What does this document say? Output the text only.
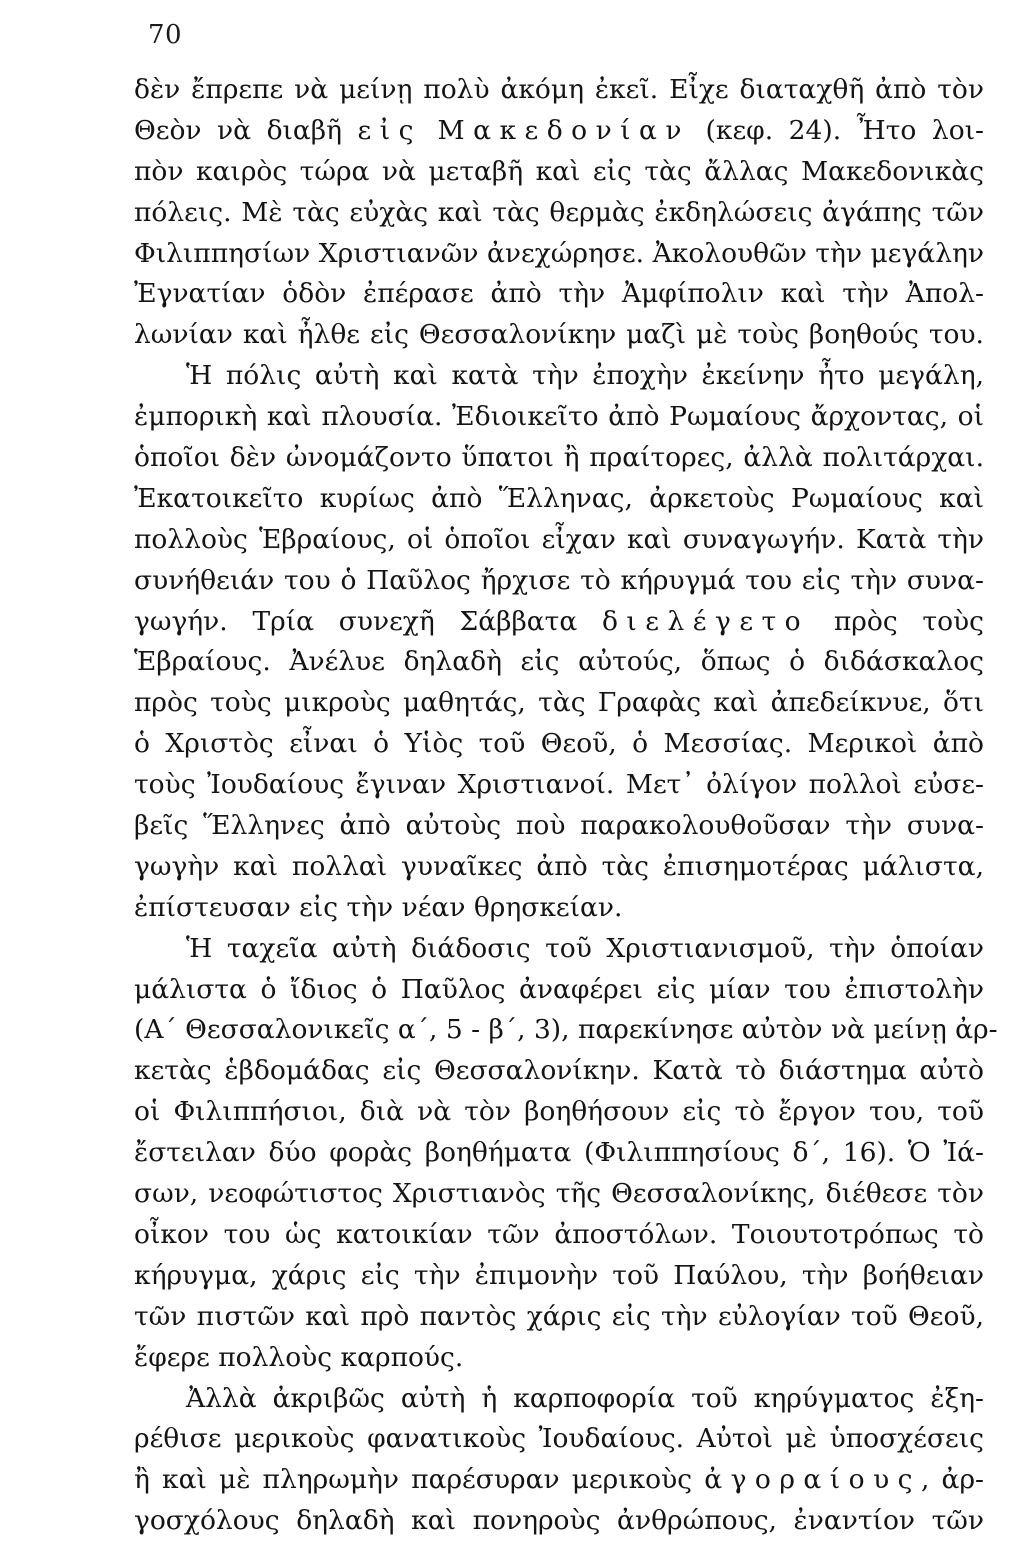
70
δὲν ἔπρεπε νὰ μείνῃ πολὺ ἀκόμη ἐκεῖ. Εἶχε διαταχθῆ ἀπὸ τὸν
Θεὸν νὰ διαβῆ εἰς Μακεδονίαν (κεφ. 24). Ἦτο λοι-
πὸν καιρὸς τώρα νὰ μεταβῆ καὶ εἰς τὰς ἄλλας Μακεδονικὰς
πόλεις. Μὲ τὰς εὐχὰς καὶ τὰς θερμὰς ἐκδηλώσεις ἀγάπης τῶν
Φιλιππησίων Χριστιανῶν ἀνεχώρησε. Ἀκολουθῶν τὴν μεγάλην
Ἐγνατίαν ὁδὸν ἐπέρασε ἀπὸ τὴν Ἀμφίπολιν καὶ τὴν Ἀπολ-
λωνίαν καὶ ἦλθε εἰς Θεσσαλονίκην μαζὶ μὲ τοὺς βοηθούς του.
Ἡ πόλις αὐτὴ καὶ κατὰ τὴν ἐποχὴν ἐκείνην ἦτο μεγάλη,
ἐμπορικὴ καὶ πλουσία. Ἐδιοικεῖτο ἀπὸ Ρωμαίους ἄρχοντας, οἱ
ὁποῖοι δὲν ὠνομάζοντο ὕπατοι ἢ πραίτορες, ἀλλὰ πολιτάρχαι.
Ἐκατοικεῖτο κυρίως ἀπὸ Ἕλληνας, ἀρκετοὺς Ρωμαίους καὶ
πολλοὺς Ἑβραίους, οἱ ὁποῖοι εἶχαν καὶ συναγωγήν. Κατὰ τὴν
συνήθειάν του ὁ Παῦλος ἤρχισε τὸ κήρυγμά του εἰς τὴν συνα-
γωγήν. Τρία συνεχῆ Σάββατα διελέγετο πρὸς τοὺς
Ἑβραίους. Ἀνέλυε δηλαδὴ εἰς αὐτούς, ὅπως ὁ διδάσκαλος
πρὸς τοὺς μικροὺς μαθητάς, τὰς Γραφὰς καὶ ἀπεδείκνυε, ὅτι
ὁ Χριστὸς εἶναι ὁ Υἱὸς τοῦ Θεοῦ, ὁ Μεσσίας. Μερικοὶ ἀπὸ
τοὺς Ἰουδαίους ἔγιναν Χριστιανοί. Μετ᾽ ὀλίγον πολλοὶ εὐσε-
βεῖς Ἕλληνες ἀπὸ αὐτοὺς ποὺ παρακολουθοῦσαν τὴν συνα-
γωγὴν καὶ πολλαὶ γυναῖκες ἀπὸ τὰς ἐπισημοτέρας μάλιστα,
ἐπίστευσαν εἰς τὴν νέαν θρησκείαν.
Ἡ ταχεῖα αὐτὴ διάδοσις τοῦ Χριστιανισμοῦ, τὴν ὁποίαν
μάλιστα ὁ ἴδιος ὁ Παῦλος ἀναφέρει εἰς μίαν του ἐπιστολὴν
(Α΄ Θεσσαλονικεῖς α΄, 5 - β΄, 3), παρεκίνησε αὐτὸν νὰ μείνῃ ἀρ-
κετὰς ἑβδομάδας εἰς Θεσσαλονίκην. Κατὰ τὸ διάστημα αὐτὸ
οἱ Φιλιππήσιοι, διὰ νὰ τὸν βοηθήσουν εἰς τὸ ἔργον του, τοῦ
ἔστειλαν δύο φορὰς βοηθήματα (Φιλιππησίους δ΄, 16). Ὁ Ἰά-
σων, νεοφώτιστος Χριστιανὸς τῆς Θεσσαλονίκης, διέθεσε τὸν
οἶκον του ὡς κατοικίαν τῶν ἀποστόλων. Τοιουτοτρόπως τὸ
κήρυγμα, χάρις εἰς τὴν ἐπιμονὴν τοῦ Παύλου, τὴν βοήθειαν
τῶν πιστῶν καὶ πρὸ παντὸς χάρις εἰς τὴν εὐλογίαν τοῦ Θεοῦ,
ἔφερε πολλοὺς καρπούς.
Ἀλλὰ ἀκριβῶς αὐτὴ ἡ καρποφορία τοῦ κηρύγματος ἐξη-
ρέθισε μερικοὺς φανατικοὺς Ἰουδαίους. Αὐτοὶ μὲ ὑποσχέσεις
ἢ καὶ μὲ πληρωμὴν παρέσυραν μερικοὺς ἀγοραίους, ἀρ-
γοσχόλους δηλαδὴ καὶ πονηροὺς ἀνθρώπους, ἐναντίον τῶν
